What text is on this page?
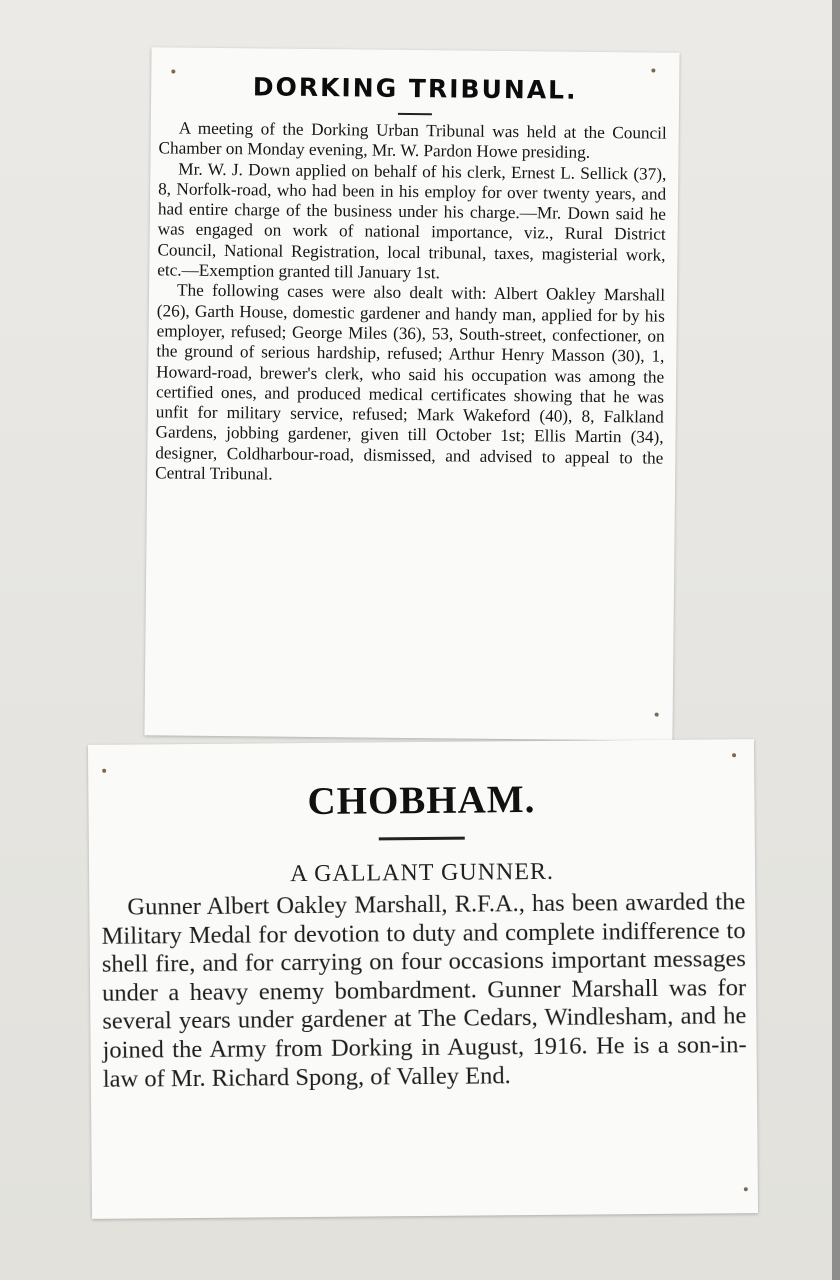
DORKING TRIBUNAL.

A meeting of the Dorking Urban Tribunal was held at the Council Chamber on Monday evening, Mr. W. Pardon Howe presiding.

Mr. W. J. Down applied on behalf of his clerk, Ernest L. Sellick (37), 8, Norfolk-road, who had been in his employ for over twenty years, and had entire charge of the business under his charge.—Mr. Down said he was engaged on work of national importance, viz., Rural District Council, National Registration, local tribunal, taxes, magisterial work, etc.—Exemption granted till January 1st.

The following cases were also dealt with: Albert Oakley Marshall (26), Garth House, domestic gardener and handy man, applied for by his employer, refused; George Miles (36), 53, South-street, confectioner, on the ground of serious hardship, refused; Arthur Henry Masson (30), 1, Howard-road, brewer's clerk, who said his occupation was among the certified ones, and produced medical certificates showing that he was unfit for military service, refused; Mark Wakeford (40), 8, Falkland Gardens, jobbing gardener, given till October 1st; Ellis Martin (34), designer, Coldharbour-road, dismissed, and advised to appeal to the Central Tribunal.

CHOBHAM.
A GALLANT GUNNER.

Gunner Albert Oakley Marshall, R.F.A., has been awarded the Military Medal for devotion to duty and complete indifference to shell fire, and for carrying on four occasions important messages under a heavy enemy bombardment. Gunner Marshall was for several years under gardener at The Cedars, Windlesham, and he joined the Army from Dorking in August, 1916. He is a son-in-law of Mr. Richard Spong, of Valley End.
